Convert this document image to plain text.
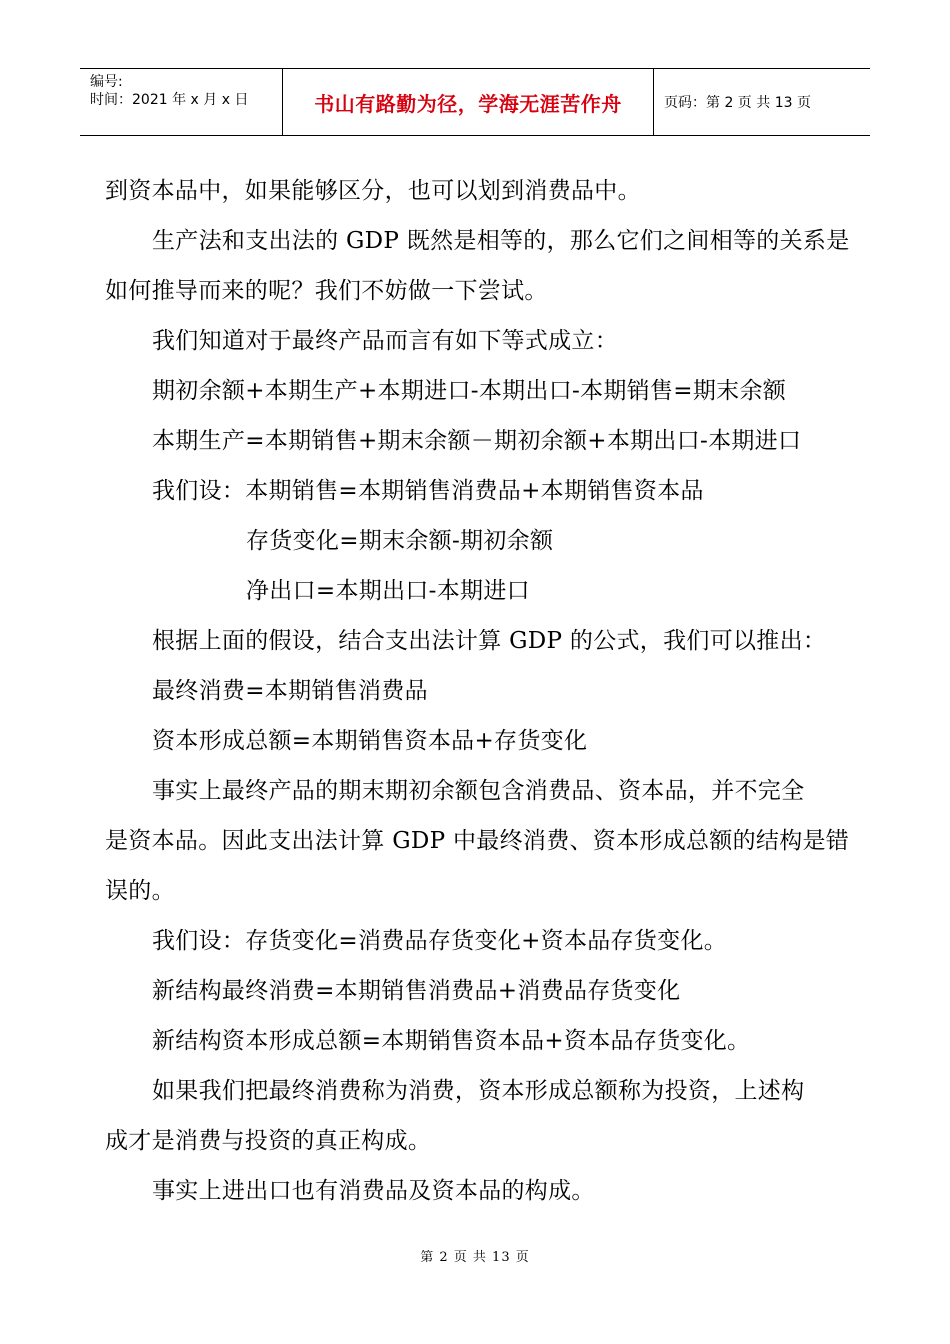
编号:
时间：2021 年 x 月 x 日	书山有路勤为径，学海无涯苦作舟	页码：第 2 页 共 13 页
到资本品中，如果能够区分，也可以划到消费品中。
生产法和支出法的 GDP 既然是相等的，那么它们之间相等的关系是
如何推导而来的呢？我们不妨做一下尝试。
我们知道对于最终产品而言有如下等式成立：
期初余额+本期生产+本期进口-本期出口-本期销售=期末余额
本期生产=本期销售+期末余额－期初余额+本期出口-本期进口
我们设：本期销售=本期销售消费品+本期销售资本品
存货变化=期末余额-期初余额
净出口=本期出口-本期进口
根据上面的假设，结合支出法计算 GDP 的公式，我们可以推出：
最终消费=本期销售消费品
资本形成总额=本期销售资本品+存货变化
事实上最终产品的期末期初余额包含消费品、资本品，并不完全
是资本品。因此支出法计算 GDP 中最终消费、资本形成总额的结构是错
误的。
我们设：存货变化=消费品存货变化+资本品存货变化。
新结构最终消费=本期销售消费品+消费品存货变化
新结构资本形成总额=本期销售资本品+资本品存货变化。
如果我们把最终消费称为消费，资本形成总额称为投资，上述构
成才是消费与投资的真正构成。
事实上进出口也有消费品及资本品的构成。
第 2 页 共 13 页
